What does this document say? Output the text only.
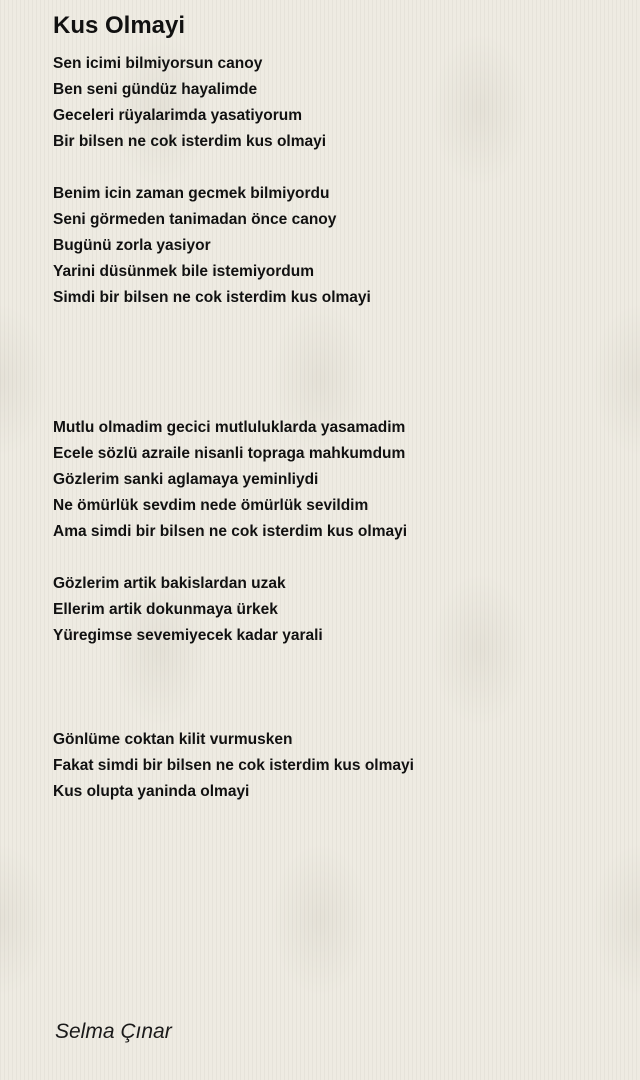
Kus Olmayi
Sen icimi bilmiyorsun canoy
Ben seni gündüz hayalimde
Geceleri rüyalarimda yasatiyorum
Bir bilsen ne cok isterdim kus olmayi
Benim icin zaman gecmek bilmiyordu
Seni görmeden tanimadan önce canoy
Bugünü zorla yasiyor
Yarini düsünmek bile istemiyordum
Simdi bir bilsen ne cok isterdim kus olmayi
Mutlu olmadim gecici mutluluklarda yasamadim
Ecele sözlü azraile nisanli topraga mahkumdum
Gözlerim sanki aglamaya yeminliydi
Ne ömürlük sevdim nede ömürlük sevildim
Ama simdi bir bilsen ne cok isterdim kus olmayi
Gözlerim artik bakislardan uzak
Ellerim artik dokunmaya ürkek
Yüregimse sevemiyecek kadar yarali
Gönlüme coktan kilit vurmusken
Fakat simdi bir bilsen ne cok isterdim kus olmayi
Kus olupta yaninda olmayi
Selma Çınar
